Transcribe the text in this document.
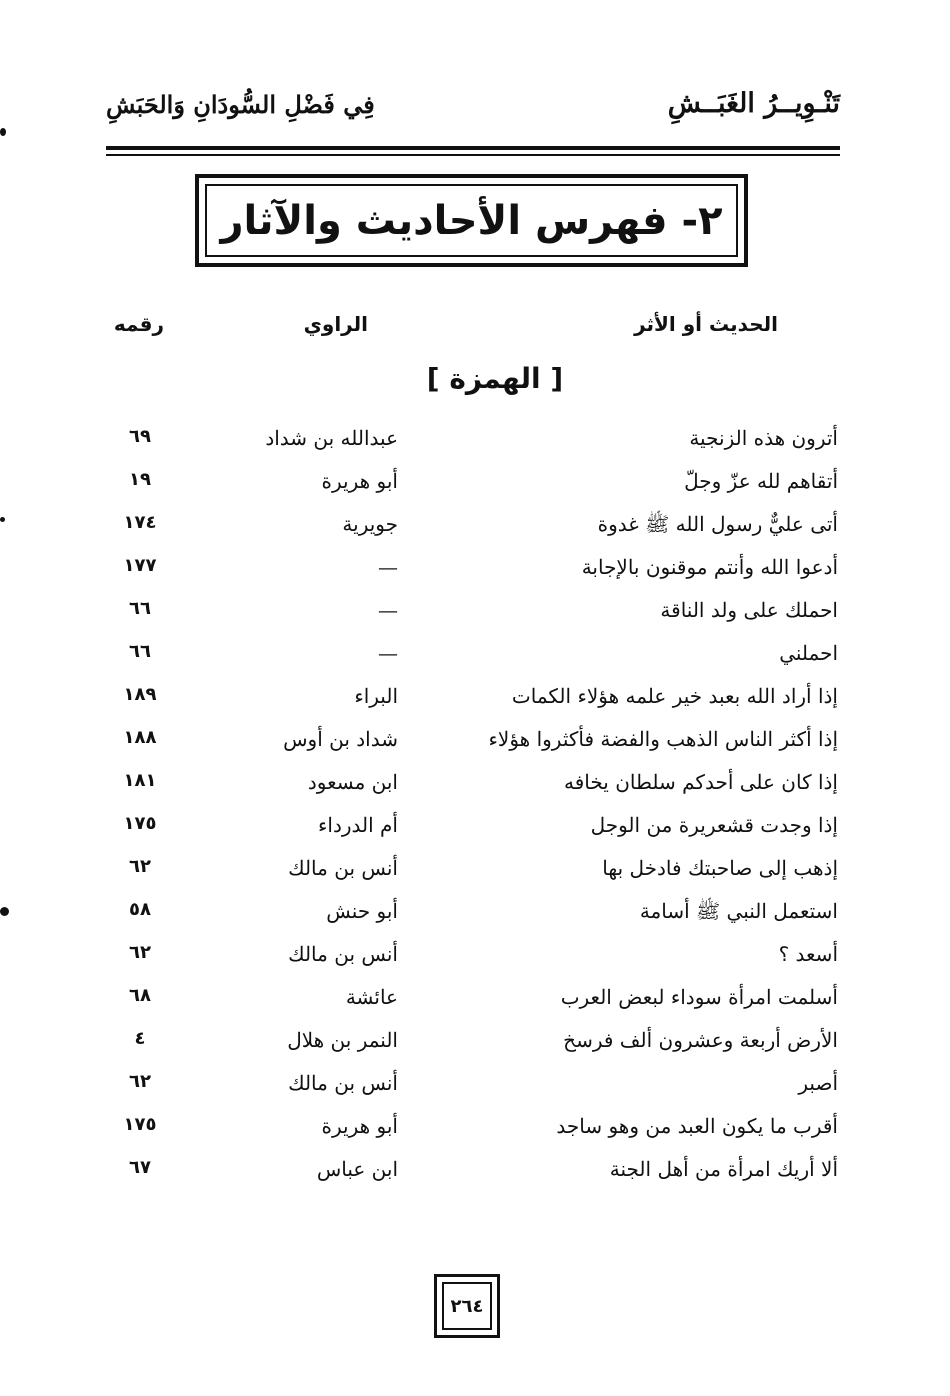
تَنْـوِيــرُ الغَبَــشِ
فِي فَضْلِ السُّودَانِ وَالحَبَشِ
٢- فهرس الأحاديث والآثار
الحديث أو الأثر
الراوي
رقمه
[ الهمزة ]
أترون هذه الزنجية
عبدالله بن شداد
٦٩
أتقاهم لله عزّ وجلّ
أبو هريرة
١٩
أتى عليٌّ رسول الله ﷺ غدوة
جويرية
١٧٤
أدعوا الله وأنتم موقنون بالإجابة
—
١٧٧
احملك على ولد الناقة
—
٦٦
احملني
—
٦٦
إذا أراد الله بعبد خير علمه هؤلاء الكمات
البراء
١٨٩
إذا أكثر الناس الذهب والفضة فأكثروا هؤلاء
شداد بن أوس
١٨٨
إذا كان على أحدكم سلطان يخافه
ابن مسعود
١٨١
إذا وجدت قشعريرة من الوجل
أم الدرداء
١٧٥
إذهب إلى صاحبتك فادخل بها
أنس بن مالك
٦٢
استعمل النبي ﷺ أسامة
أبو حنش
٥٨
أسعد ؟
أنس بن مالك
٦٢
أسلمت امرأة سوداء لبعض العرب
عائشة
٦٨
الأرض أربعة وعشرون ألف فرسخ
النمر بن هلال
٤
أصبر
أنس بن مالك
٦٢
أقرب ما يكون العبد من وهو ساجد
أبو هريرة
١٧٥
ألا أريك امرأة من أهل الجنة
ابن عباس
٦٧
٢٦٤
